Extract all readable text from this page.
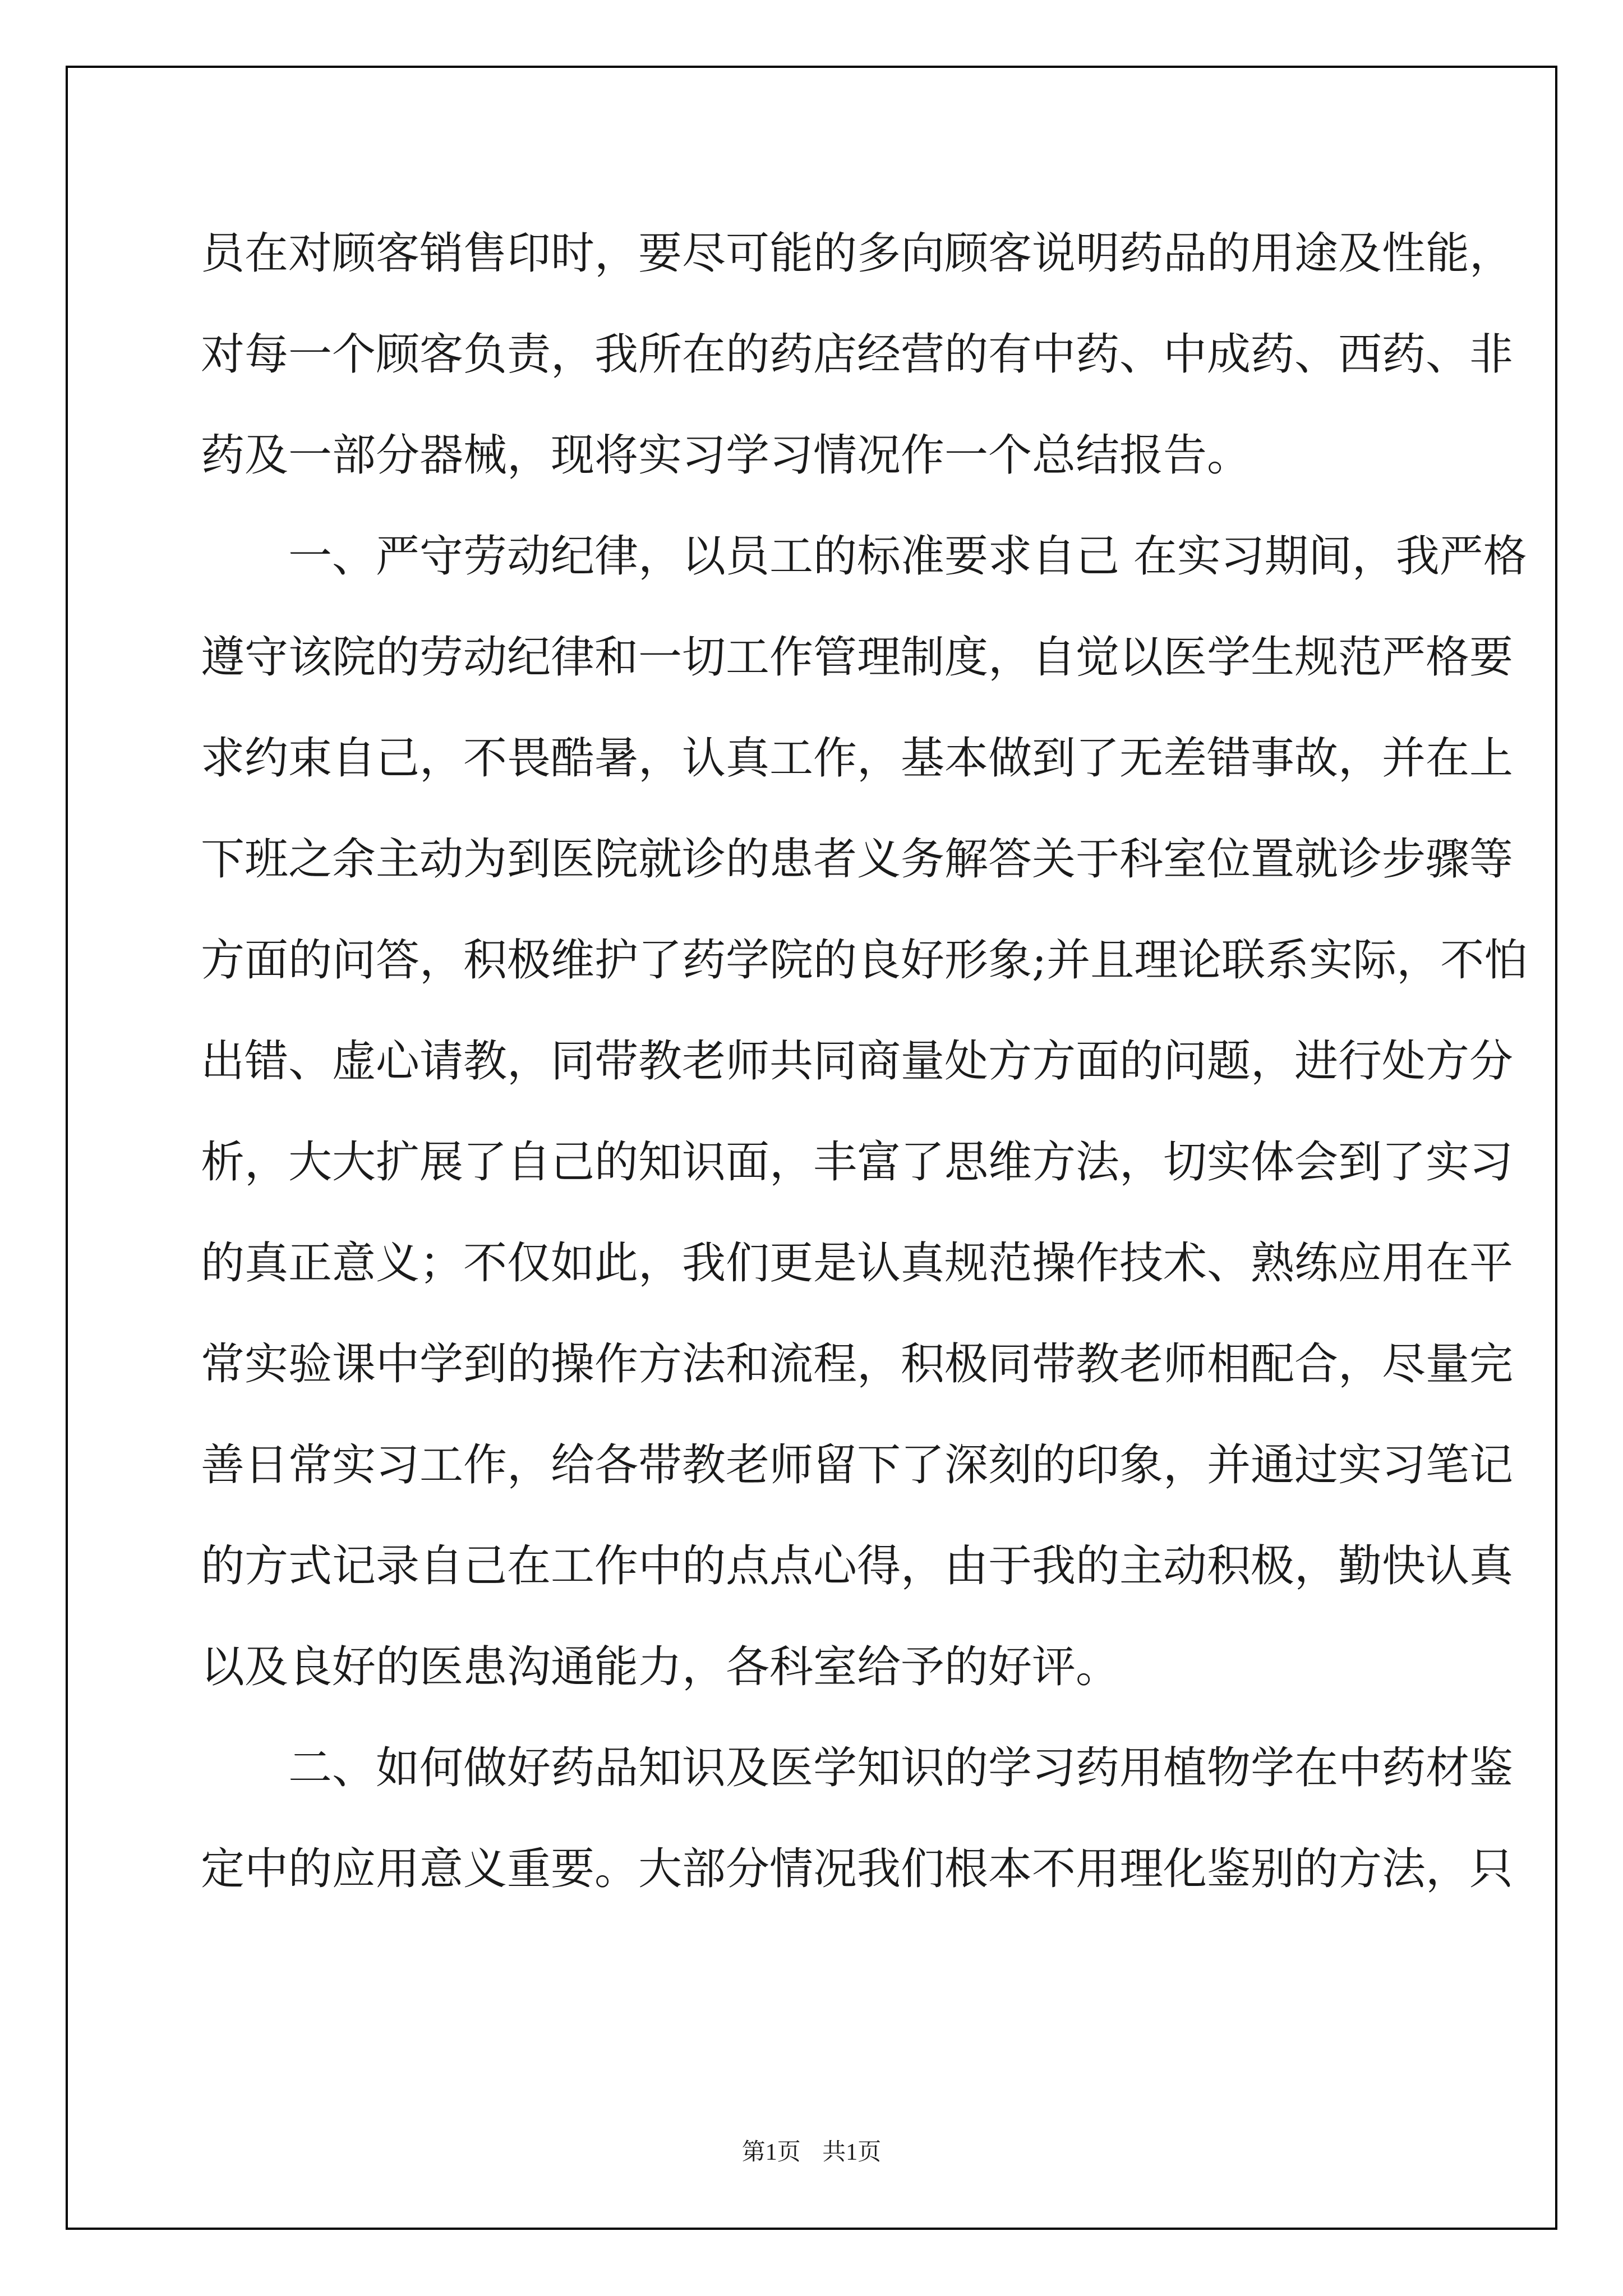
员在对顾客销售印时，要尽可能的多向顾客说明药品的用途及性能，
对每一个顾客负责，我所在的药店经营的有中药、中成药、西药、非
药及一部分器械，现将实习学习情况作一个总结报告。
　　一、严守劳动纪律，以员工的标准要求自己 在实习期间，我严格
遵守该院的劳动纪律和一切工作管理制度，自觉以医学生规范严格要
求约束自己，不畏酷暑，认真工作，基本做到了无差错事故，并在上
下班之余主动为到医院就诊的患者义务解答关于科室位置就诊步骤等
方面的问答，积极维护了药学院的良好形象;并且理论联系实际，不怕
出错、虚心请教，同带教老师共同商量处方方面的问题，进行处方分
析，大大扩展了自己的知识面，丰富了思维方法，切实体会到了实习
的真正意义；不仅如此，我们更是认真规范操作技术、熟练应用在平
常实验课中学到的操作方法和流程，积极同带教老师相配合，尽量完
善日常实习工作，给各带教老师留下了深刻的印象，并通过实习笔记
的方式记录自己在工作中的点点心得，由于我的主动积极，勤快认真
以及良好的医患沟通能力，各科室给予的好评。
　　二、如何做好药品知识及医学知识的学习药用植物学在中药材鉴
定中的应用意义重要。大部分情况我们根本不用理化鉴别的方法，只
第1页 共1页
